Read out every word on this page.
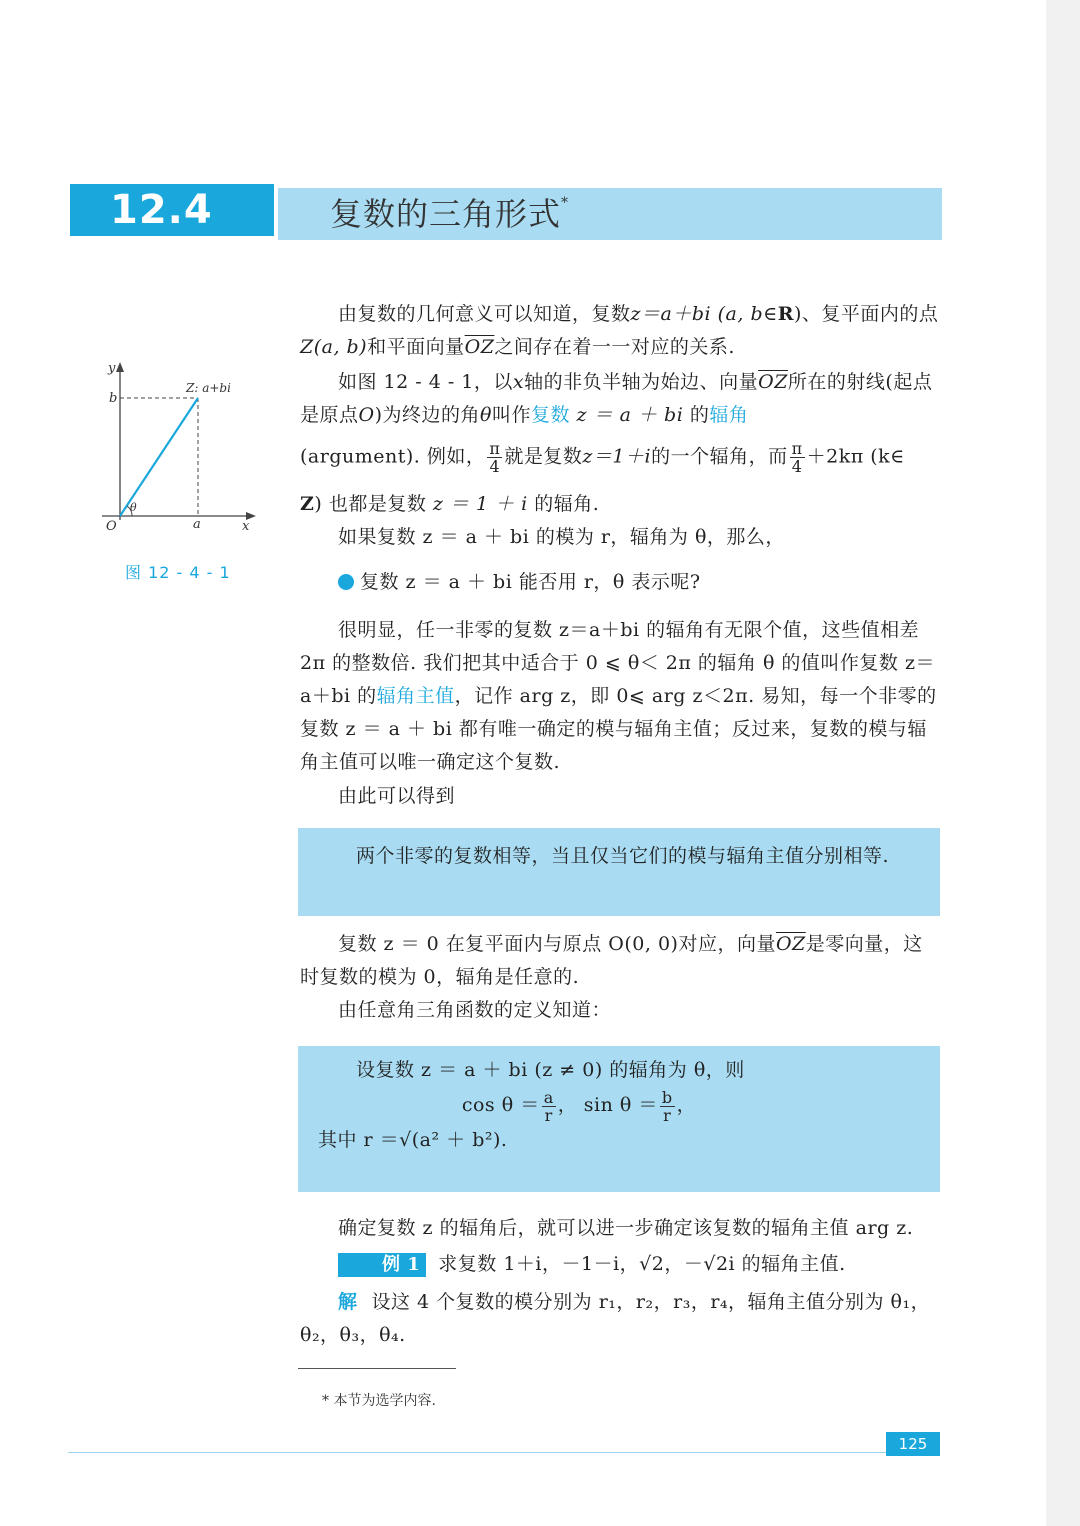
12.4	复数的三角形式*
y
b
Z: a+bi
θ
O	a	x
图 12 - 4 - 1

由复数的几何意义可以知道，复数z＝a＋bi (a, b∈R)、复平面内的点Z(a, b)和平面向量$\overline{OZ}$之间存在着一一对应的关系.

如图 12 - 4 - 1，以x轴的非负半轴为始边、向量$\overline{OZ}$所在的射线(起点是原点O)为终边的角θ叫作复数 z ＝ a ＋ bi 的辐角

(argument). 例如， $\frac{\pi}{4}$ 就是复数z＝1＋i的一个辐角，而 $\frac{\pi}{4} +2k\pi$ (k∈

Z) 也都是复数 z ＝ 1 ＋ i 的辐角.

如果复数 z ＝ a ＋ bi 的模为 r，辐角为 θ，那么，

复数 z ＝ a ＋ bi 能否用 r，θ 表示呢?

很明显，任一非零的复数 z＝a＋bi 的辐角有无限个值，这些值相差 2π 的整数倍. 我们把其中适合于 0 ⩽ θ＜ 2π 的辐角 θ 的值叫作复数 z＝a＋bi 的辐角主值，记作 arg z，即 0⩽ arg z＜2π. 易知，每一个非零的复数 z ＝ a ＋ bi 都有唯一确定的模与辐角主值；反过来，复数的模与辐角主值可以唯一确定这个复数.

由此可以得到

两个非零的复数相等，当且仅当它们的模与辐角主值分别相等.

复数 z ＝ 0 在复平面内与原点 O(0, 0)对应，向量$\overline{OZ}$是零向量，这时复数的模为 0，辐角是任意的.

由任意角三角函数的定义知道：

设复数 z ＝ a ＋ bi (z ≠ 0) 的辐角为 θ，则
$\cos \theta = \frac{a}{r}$ ， $\sin \theta = \frac{b}{r}$ ，
其中 r ＝√(a² ＋ b²).

确定复数 z 的辐角后，就可以进一步确定该复数的辐角主值 arg z.

例 1 求复数 1＋i，－1－i，√2，－√2i 的辐角主值.

解 设这 4 个复数的模分别为 r₁，r₂，r₃，r₄，辐角主值分别为 θ₁，θ₂，θ₃，θ₄.

* 本节为选学内容.
125
